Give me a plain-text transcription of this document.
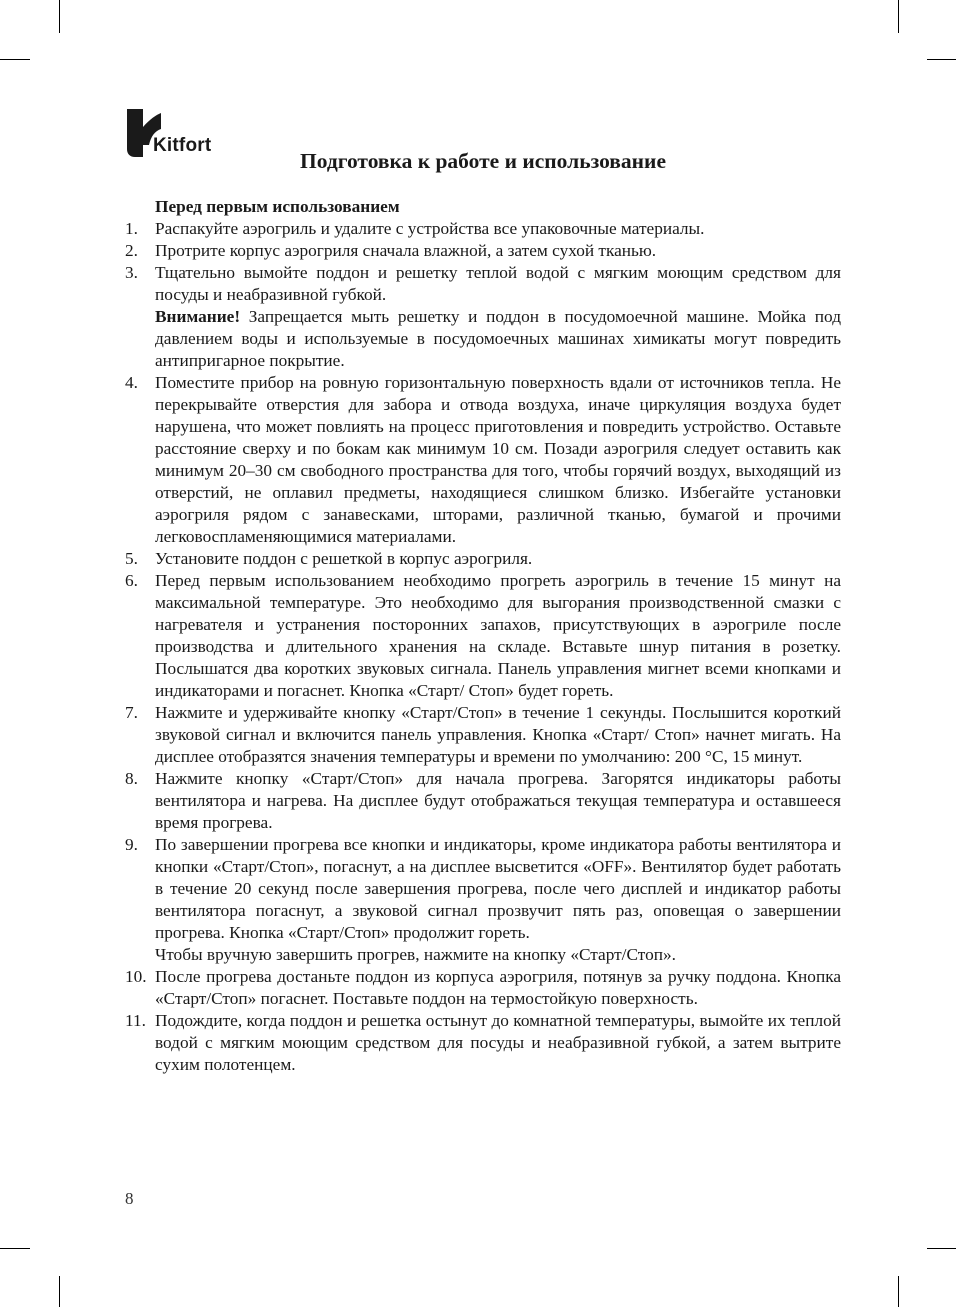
Kitfort
Подготовка к работе и использование
Перед первым использованием
1. Распакуйте аэрогриль и удалите с устройства все упаковочные материалы.
2. Протрите корпус аэрогриля сначала влажной, а затем сухой тканью.
3. Тщательно вымойте поддон и решетку теплой водой с мягким моющим средством для посуды и неабразивной губкой.
Внимание! Запрещается мыть решетку и поддон в посудомоечной машине. Мойка под давлением воды и используемые в посудомоечных машинах химикаты могут повредить антипригарное покрытие.
4. Поместите прибор на ровную горизонтальную поверхность вдали от источников тепла. Не перекрывайте отверстия для забора и отвода воздуха, иначе циркуляция воздуха будет нарушена, что может повлиять на процесс приготовления и повредить устройство. Оставьте расстояние сверху и по бокам как минимум 10 см. Позади аэрогриля следует оставить как минимум 20–30 см свободного пространства для того, чтобы горячий воздух, выходящий из отверстий, не оплавил предметы, находящиеся слишком близко. Избегайте установки аэрогриля рядом с занавесками, шторами, различной тканью, бумагой и прочими легковоспламеняющимися материалами.
5. Установите поддон с решеткой в корпус аэрогриля.
6. Перед первым использованием необходимо прогреть аэрогриль в течение 15 минут на максимальной температуре. Это необходимо для выгорания производственной смазки с нагревателя и устранения посторонних запахов, присутствующих в аэрогриле после производства и длительного хранения на складе. Вставьте шнур питания в розетку. Послышатся два коротких звуковых сигнала. Панель управления мигнет всеми кнопками и индикаторами и погаснет. Кнопка «Старт/ Стоп» будет гореть.
7. Нажмите и удерживайте кнопку «Старт/Стоп» в течение 1 секунды. Послышится короткий звуковой сигнал и включится панель управления. Кнопка «Старт/ Стоп» начнет мигать. На дисплее отобразятся значения температуры и времени по умолчанию: 200 °C, 15 минут.
8. Нажмите кнопку «Старт/Стоп» для начала прогрева. Загорятся индикаторы работы вентилятора и нагрева. На дисплее будут отображаться текущая температура и оставшееся время прогрева.
9. По завершении прогрева все кнопки и индикаторы, кроме индикатора работы вентилятора и кнопки «Старт/Стоп», погаснут, а на дисплее высветится «OFF». Вентилятор будет работать в течение 20 секунд после завершения прогрева, после чего дисплей и индикатор работы вентилятора погаснут, а звуковой сигнал прозвучит пять раз, оповещая о завершении прогрева. Кнопка «Старт/Стоп» продолжит гореть.
Чтобы вручную завершить прогрев, нажмите на кнопку «Старт/Стоп».
10. После прогрева достаньте поддон из корпуса аэрогриля, потянув за ручку поддона. Кнопка «Старт/Стоп» погаснет. Поставьте поддон на термостойкую поверхность.
11. Подождите, когда поддон и решетка остынут до комнатной температуры, вымойте их теплой водой с мягким моющим средством для посуды и неабразивной губкой, а затем вытрите сухим полотенцем.
8
